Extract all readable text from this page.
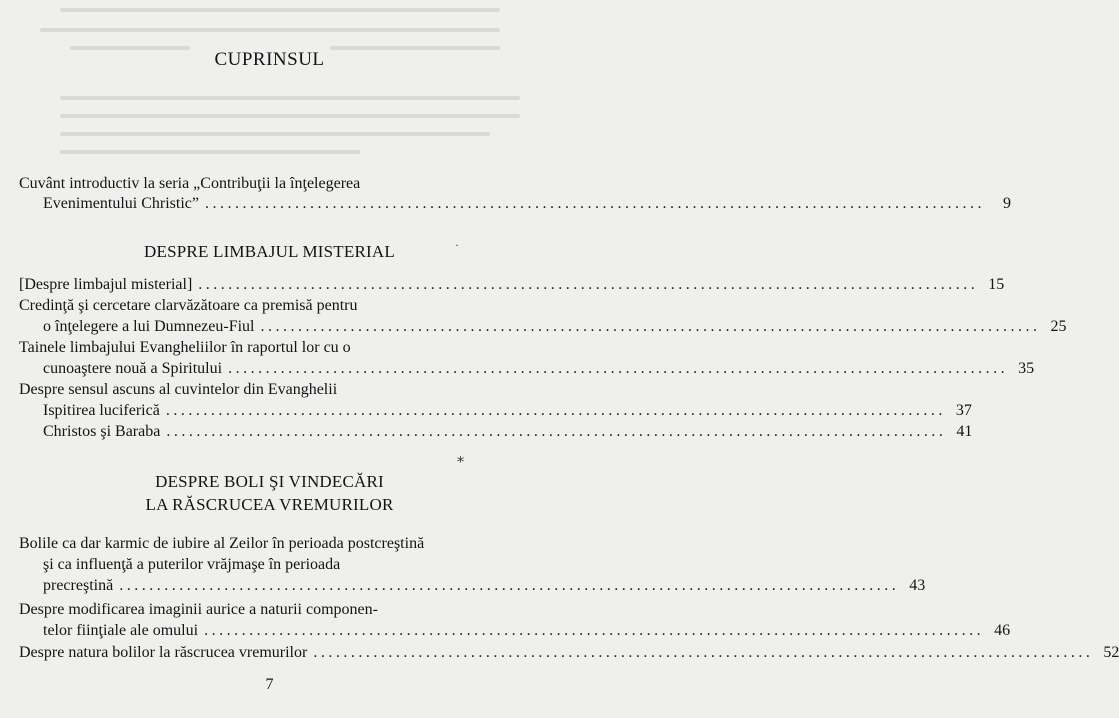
CUPRINSUL
Cuvânt introductiv la seria „Contribuţii la înţelegerea
Evenimentului Christic” ........................................................................................................	9
DESPRE LIMBAJUL MISTERIAL	·
[Despre limbajul misterial] ........................................................................................................ 15
Credinţă şi cercetare clarvăzătoare ca premisă pentru
o înţelegere a lui Dumnezeu-Fiul ........................................................................................................ 25
Tainele limbajului Evangheliilor în raportul lor cu o
cunoaştere nouă a Spiritului ........................................................................................................ 35
Despre sensul ascuns al cuvintelor din Evanghelii
Ispitirea luciferică ........................................................................................................ 37
Christos şi Baraba ........................................................................................................ 41
⁎
DESPRE BOLI ŞI VINDECĂRI
LA RĂSCRUCEA VREMURILOR
Bolile ca dar karmic de iubire al Zeilor în perioada postcreştină
şi ca influenţă a puterilor vrăjmaşe în perioada
precreştină ........................................................................................................ 43
Despre modificarea imaginii aurice a naturii componen-
telor fiinţiale ale omului ........................................................................................................ 46
Despre natura bolilor la răscrucea vremurilor ........................................................................................................ 52
7
